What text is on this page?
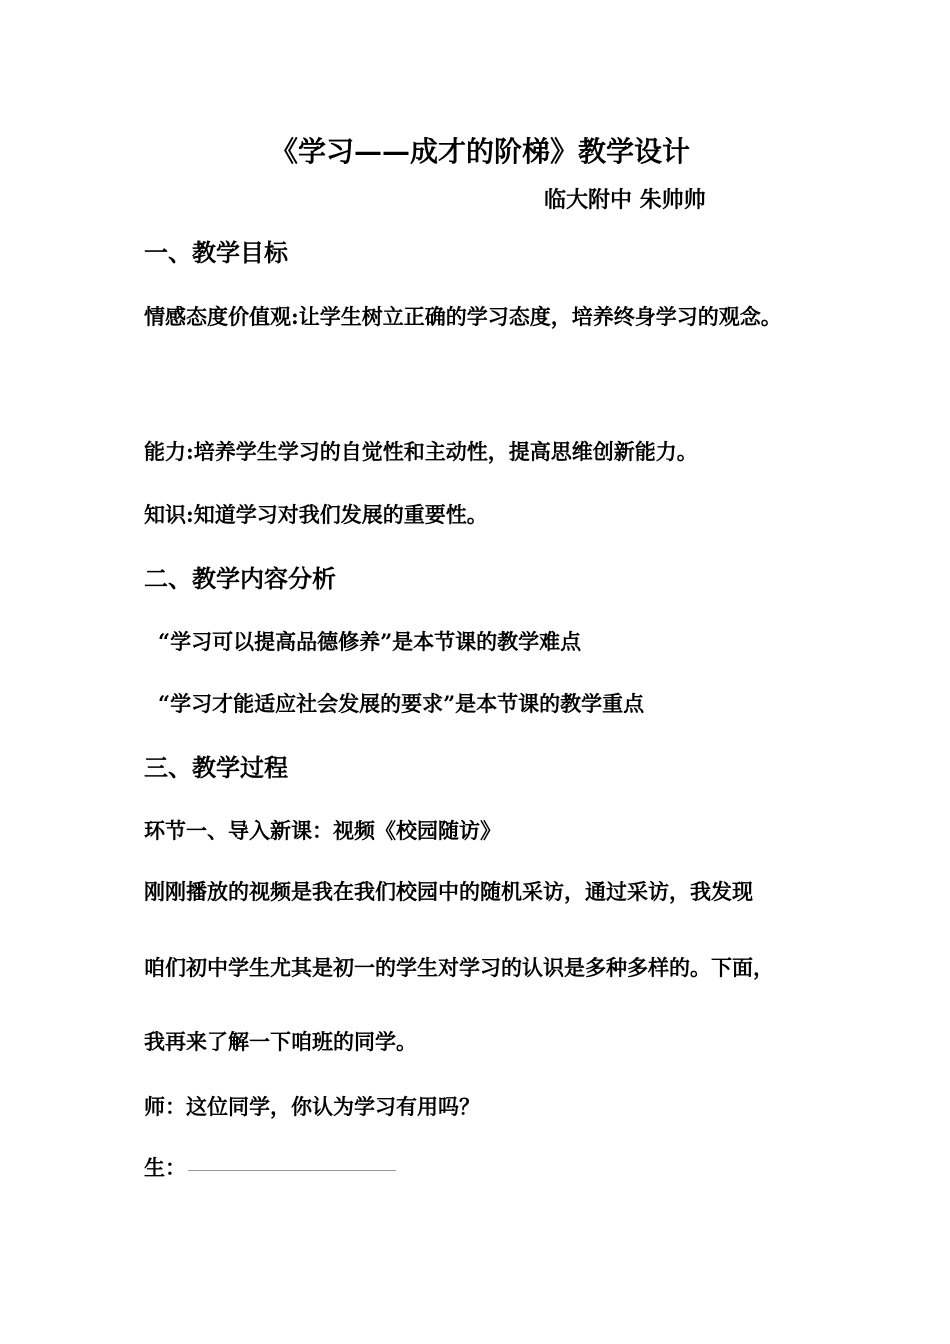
《学习——成才的阶梯》教学设计
临大附中 朱帅帅
一、教学目标
情感态度价值观:让学生树立正确的学习态度，培养终身学习的观念。
能力:培养学生学习的自觉性和主动性，提高思维创新能力。
知识:知道学习对我们发展的重要性。
二、教学内容分析
“学习可以提高品德修养”是本节课的教学难点
“学习才能适应社会发展的要求”是本节课的教学重点
三、教学过程
环节一、导入新课：视频《校园随访》
刚刚播放的视频是我在我们校园中的随机采访，通过采访，我发现
咱们初中学生尤其是初一的学生对学习的认识是多种多样的。下面，
我再来了解一下咱班的同学。
师：这位同学，你认为学习有用吗？
生：
